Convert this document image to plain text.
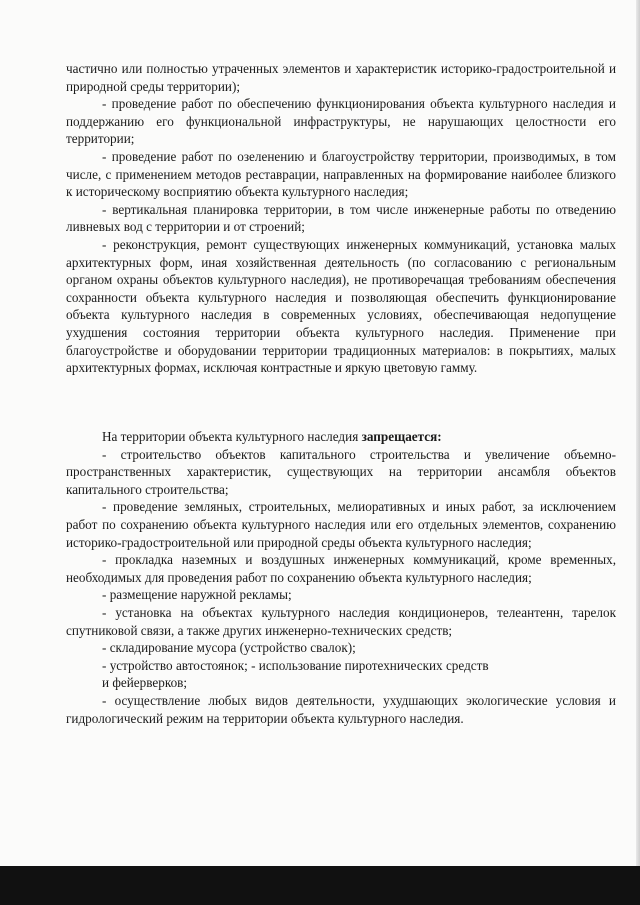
частично или полностью утраченных элементов и характеристик историко-градостроительной и природной среды территории);

- проведение работ по обеспечению функционирования объекта культурного наследия и поддержанию его функциональной инфраструктуры, не нарушающих целостности его территории;

- проведение работ по озеленению и благоустройству территории, производимых, в том числе, с применением методов реставрации, направленных на формирование наиболее близкого к историческому восприятию объекта культурного наследия;

- вертикальная планировка территории, в том числе инженерные работы по отведению ливневых вод с территории и от строений;

- реконструкция, ремонт существующих инженерных коммуникаций, установка малых архитектурных форм, иная хозяйственная деятельность (по согласованию с региональным органом охраны объектов культурного наследия), не противоречащая требованиям обеспечения сохранности объекта культурного наследия и позволяющая обеспечить функционирование объекта культурного наследия в современных условиях, обеспечивающая недопущение ухудшения состояния территории объекта культурного наследия. Применение при благоустройстве и оборудовании территории традиционных материалов: в покрытиях, малых архитектурных формах, исключая контрастные и яркую цветовую гамму.

На территории объекта культурного наследия запрещается:

- строительство объектов капитального строительства и увеличение объемно-пространственных характеристик, существующих на территории ансамбля объектов капитального строительства;

- проведение земляных, строительных, мелиоративных и иных работ, за исключением работ по сохранению объекта культурного наследия или его отдельных элементов, сохранению историко-градостроительной или природной среды объекта культурного наследия;

- прокладка наземных и воздушных инженерных коммуникаций, кроме временных, необходимых для проведения работ по сохранению объекта культурного наследия;

- размещение наружной рекламы;

- установка на объектах культурного наследия кондиционеров, телеантенн, тарелок спутниковой связи, а также других инженерно-технических средств;

- складирование мусора (устройство свалок);

- устройство автостоянок; - использование пиротехнических средств

и фейерверков;

- осуществление любых видов деятельности, ухудшающих экологические условия и гидрологический режим на территории объекта культурного наследия.
